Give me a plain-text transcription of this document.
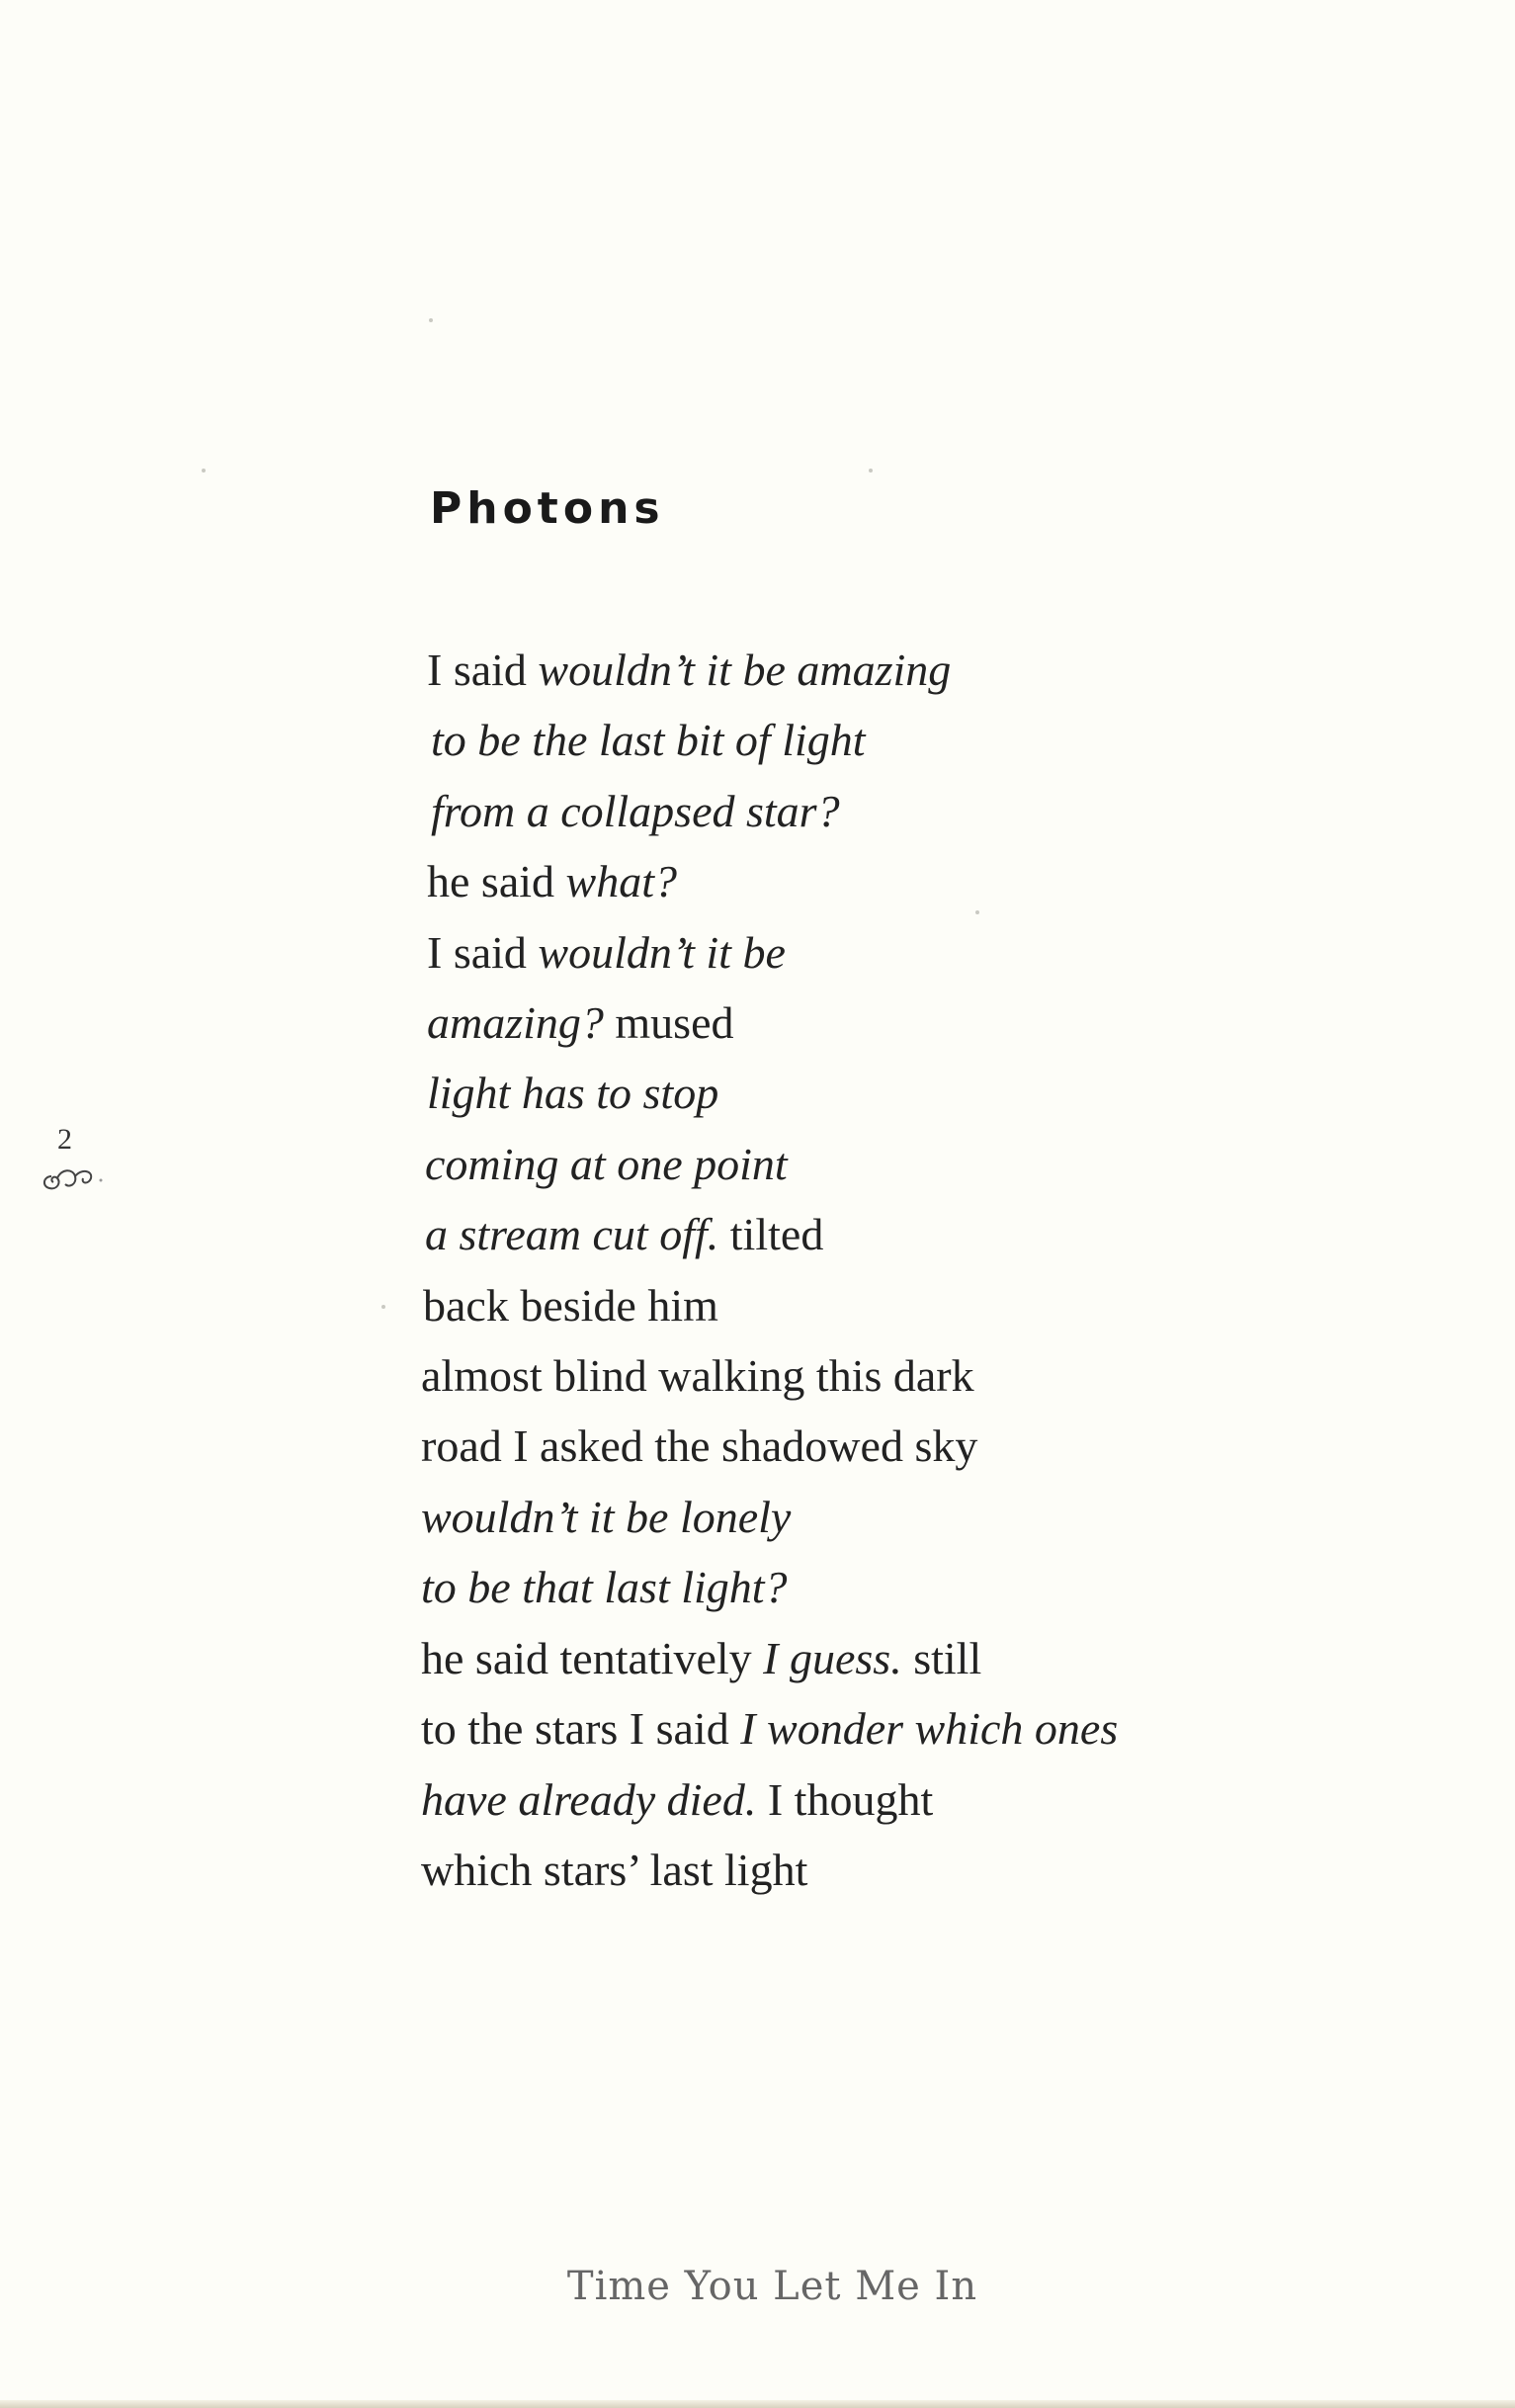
Photons
I said wouldn’t it be amazing
to be the last bit of light
from a collapsed star?
he said what?
I said wouldn’t it be
amazing? mused
light has to stop
coming at one point
a stream cut off. tilted
back beside him
almost blind walking this dark
road I asked the shadowed sky
wouldn’t it be lonely
to be that last light?
he said tentatively I guess. still
to the stars I said I wonder which ones
have already died. I thought
which stars’ last light
2
Time You Let Me In
